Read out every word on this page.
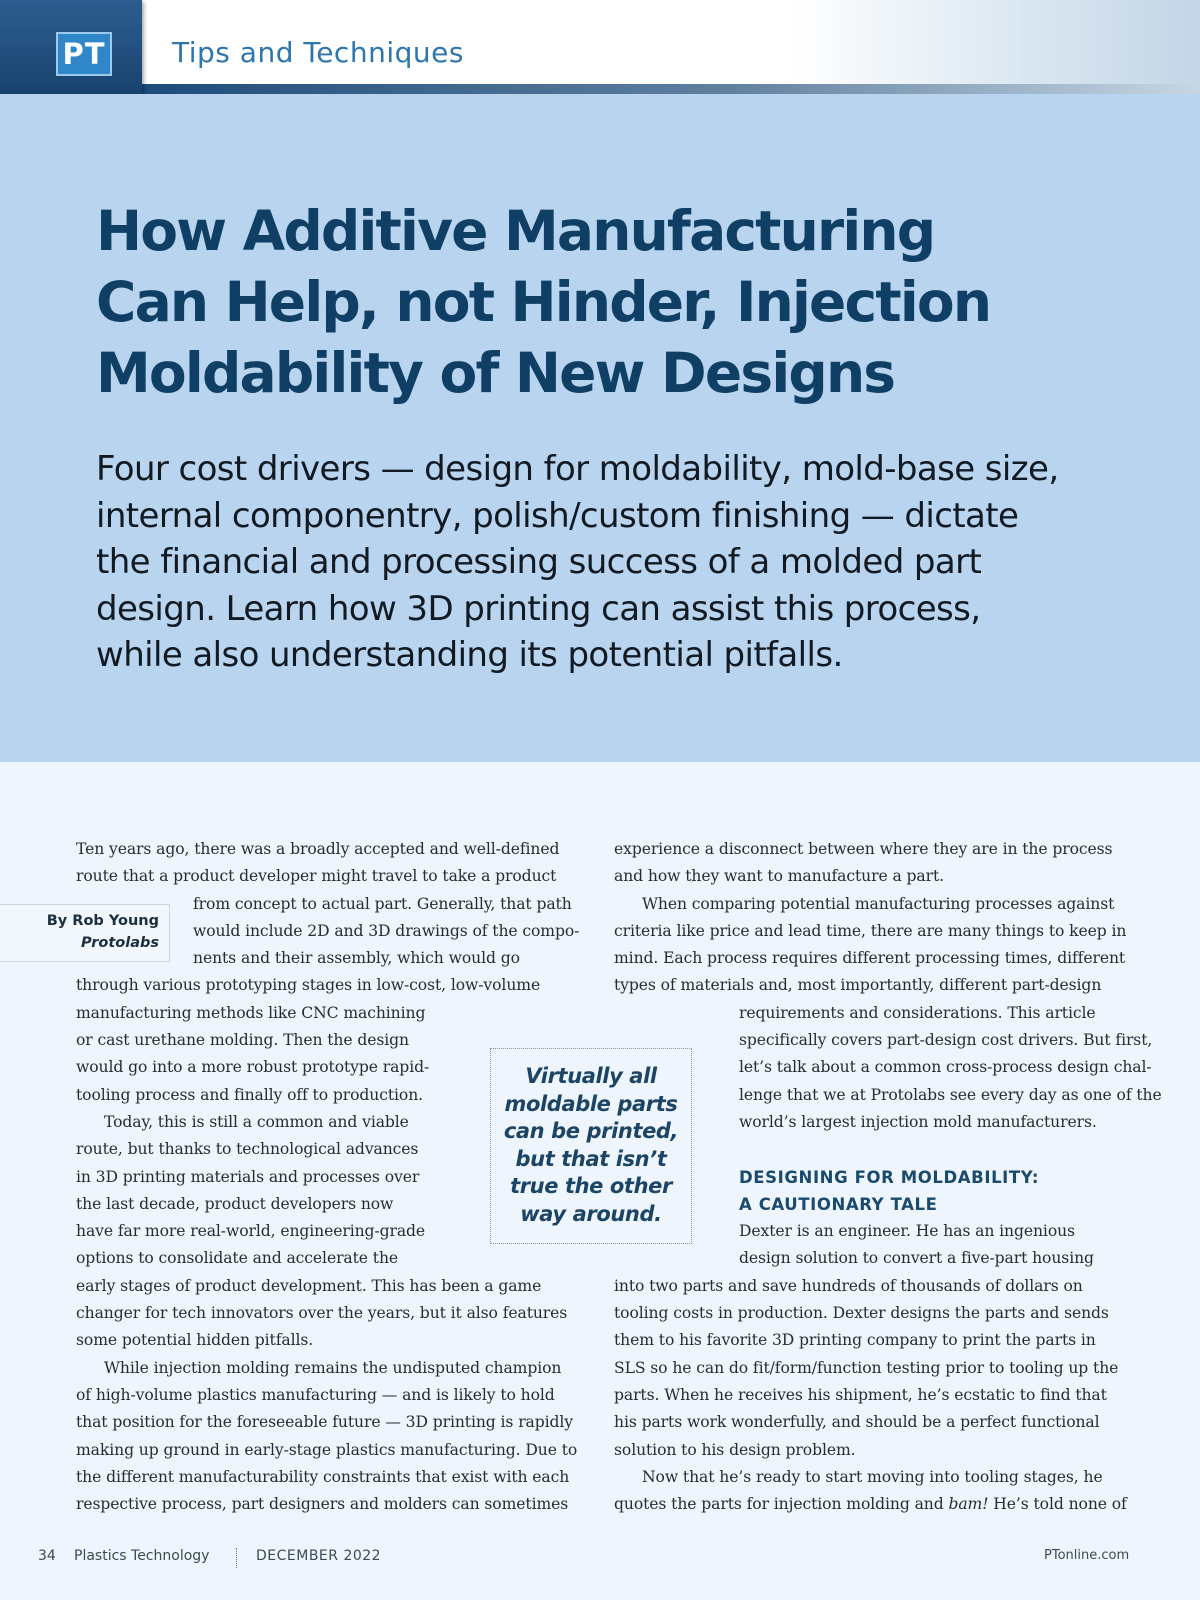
PT Tips and Techniques
How Additive Manufacturing
Can Help, not Hinder, Injection
Moldability of New Designs
Four cost drivers — design for moldability, mold-base size,
internal componentry, polish/custom finishing — dictate
the financial and processing success of a molded part
design. Learn how 3D printing can assist this process,
while also understanding its potential pitfalls.
By Rob Young
Protolabs
Ten years ago, there was a broadly accepted and well-defined
route that a product developer might travel to take a product
from concept to actual part. Generally, that path
would include 2D and 3D drawings of the compo-
nents and their assembly, which would go
through various prototyping stages in low-cost, low-volume
manufacturing methods like CNC machining
or cast urethane molding. Then the design
would go into a more robust prototype rapid-
tooling process and finally off to production.
Today, this is still a common and viable
route, but thanks to technological advances
in 3D printing materials and processes over
the last decade, product developers now
have far more real-world, engineering-grade
options to consolidate and accelerate the
early stages of product development. This has been a game
changer for tech innovators over the years, but it also features
some potential hidden pitfalls.
While injection molding remains the undisputed champion
of high-volume plastics manufacturing — and is likely to hold
that position for the foreseeable future — 3D printing is rapidly
making up ground in early-stage plastics manufacturing. Due to
the different manufacturability constraints that exist with each
respective process, part designers and molders can sometimes
Virtually all
moldable parts
can be printed,
but that isn’t
true the other
way around.
experience a disconnect between where they are in the process
and how they want to manufacture a part.
When comparing potential manufacturing processes against
criteria like price and lead time, there are many things to keep in
mind. Each process requires different processing times, different
types of materials and, most importantly, different part-design
requirements and considerations. This article
specifically covers part-design cost drivers. But first,
let’s talk about a common cross-process design chal-
lenge that we at Protolabs see every day as one of the
world’s largest injection mold manufacturers.
DESIGNING FOR MOLDABILITY:
A CAUTIONARY TALE
Dexter is an engineer. He has an ingenious
design solution to convert a five-part housing
into two parts and save hundreds of thousands of dollars on
tooling costs in production. Dexter designs the parts and sends
them to his favorite 3D printing company to print the parts in
SLS so he can do fit/form/function testing prior to tooling up the
parts. When he receives his shipment, he’s ecstatic to find that
his parts work wonderfully, and should be a perfect functional
solution to his design problem.
Now that he’s ready to start moving into tooling stages, he
quotes the parts for injection molding and bam! He’s told none of
34 Plastics Technology	DECEMBER 2022	PTonline.com
